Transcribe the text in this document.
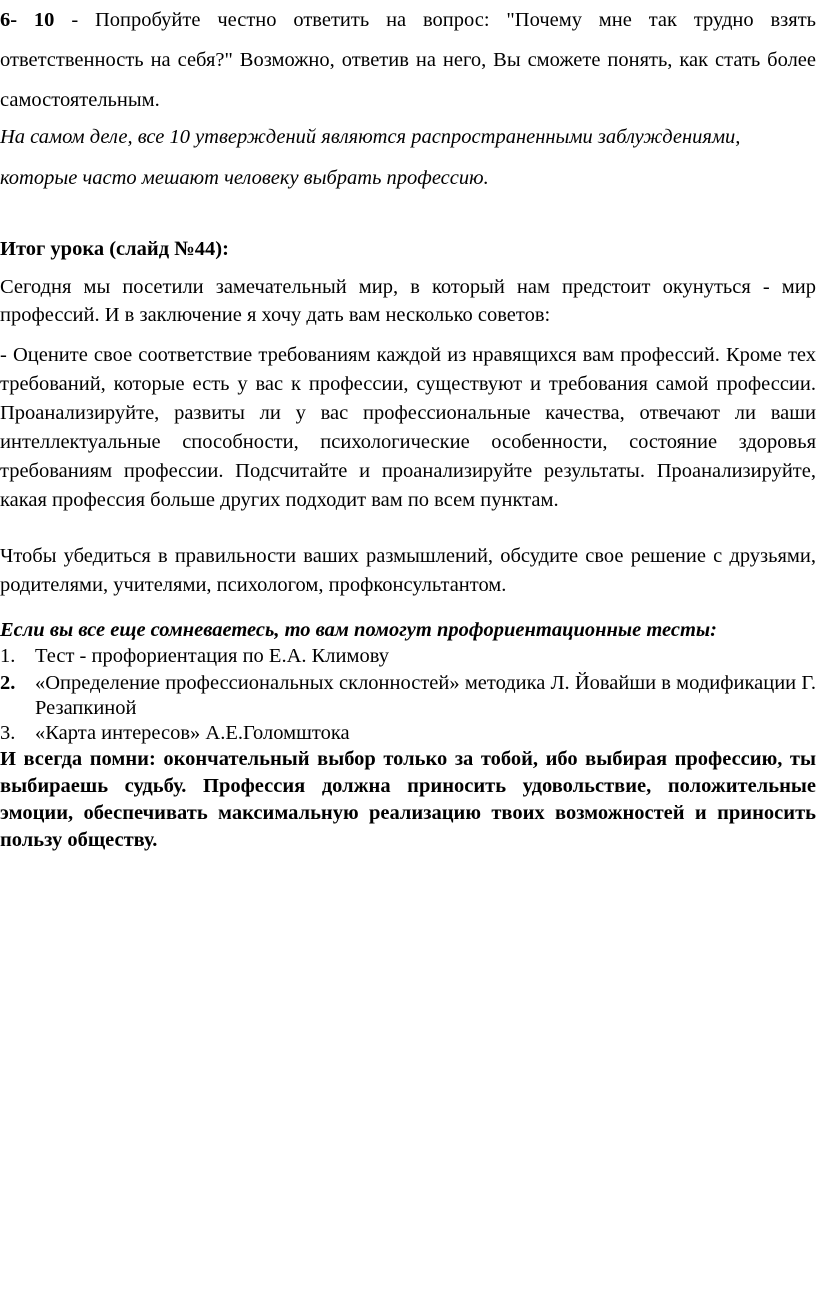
6- 10 - Попробуйте честно ответить на вопрос: "Почему мне так трудно взять ответственность на себя?" Возможно, ответив на него, Вы сможете понять, как стать более самостоятельным.

На самом деле, все 10 утверждений являются распространенными заблуждениями, которые часто мешают человеку выбрать профессию.

Итог урока (слайд №44):

Сегодня мы посетили замечательный мир, в который нам предстоит окунуться - мир профессий. И в заключение я хочу дать вам несколько советов:

- Оцените свое соответствие требованиям каждой из нравящихся вам профессий. Кроме тех требований, которые есть у вас к профессии, существуют и требования самой профессии. Проанализируйте, развиты ли у вас профессиональные качества, отвечают ли ваши интеллектуальные способности, психологические особенности, состояние здоровья требованиям профессии. Подсчитайте и проанализируйте результаты. Проанализируйте, какая профессия больше других подходит вам по всем пунктам.

Чтобы убедиться в правильности ваших размышлений, обсудите свое решение с друзьями, родителями, учителями, психологом, профконсультантом.

Если вы все еще сомневаетесь, то вам помогут профориентационные тесты:

1. Тест - профориентация по Е.А. Климову
2. «Определение профессиональных склонностей» методика Л. Йовайши в модификации Г. Резапкиной
3. «Карта интересов» А.Е.Голомштока

И всегда помни: окончательный выбор только за тобой, ибо выбирая профессию, ты выбираешь судьбу. Профессия должна приносить удовольствие, положительные эмоции, обеспечивать максимальную реализацию твоих возможностей и приносить пользу обществу.
